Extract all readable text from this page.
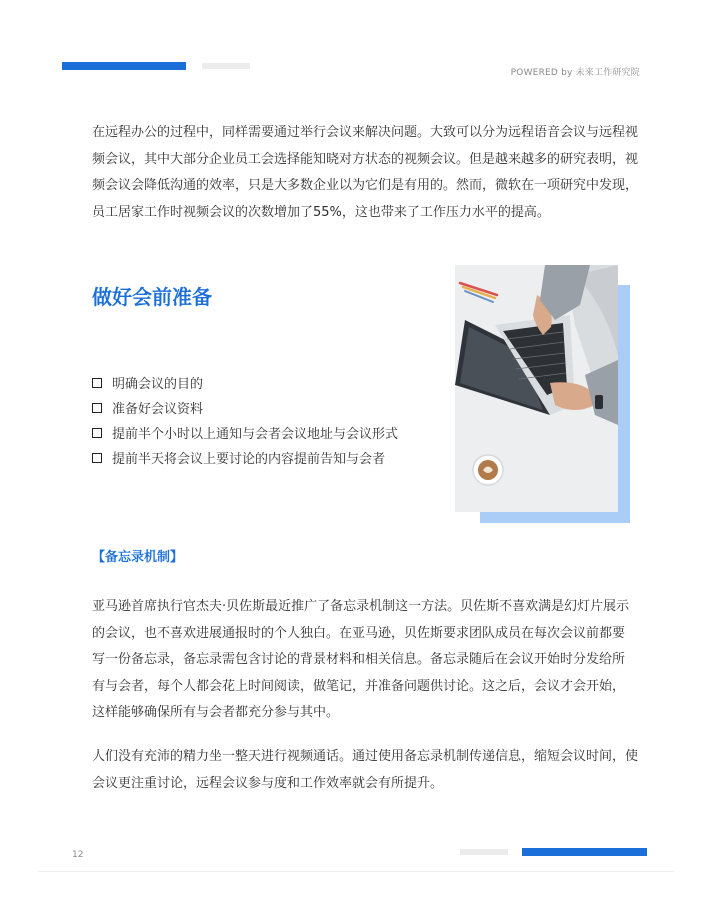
POWERED by 未来工作研究院

在远程办公的过程中，同样需要通过举行会议来解决问题。大致可以分为远程语音会议与远程视频会议，其中大部分企业员工会选择能知晓对方状态的视频会议。但是越来越多的研究表明，视频会议会降低沟通的效率，只是大多数企业以为它们是有用的。然而，微软在一项研究中发现，员工居家工作时视频会议的次数增加了55%，这也带来了工作压力水平的提高。

做好会前准备
明确会议的目的
准备好会议资料
提前半个小时以上通知与会者会议地址与会议形式
提前半天将会议上要讨论的内容提前告知与会者
【备忘录机制】

亚马逊首席执行官杰夫·贝佐斯最近推广了备忘录机制这一方法。贝佐斯不喜欢满是幻灯片展示的会议，也不喜欢进展通报时的个人独白。在亚马逊，贝佐斯要求团队成员在每次会议前都要写一份备忘录，备忘录需包含讨论的背景材料和相关信息。备忘录随后在会议开始时分发给所有与会者，每个人都会花上时间阅读，做笔记，并准备问题供讨论。这之后，会议才会开始，这样能够确保所有与会者都充分参与其中。

人们没有充沛的精力坐一整天进行视频通话。通过使用备忘录机制传递信息，缩短会议时间，使会议更注重讨论，远程会议参与度和工作效率就会有所提升。

12
